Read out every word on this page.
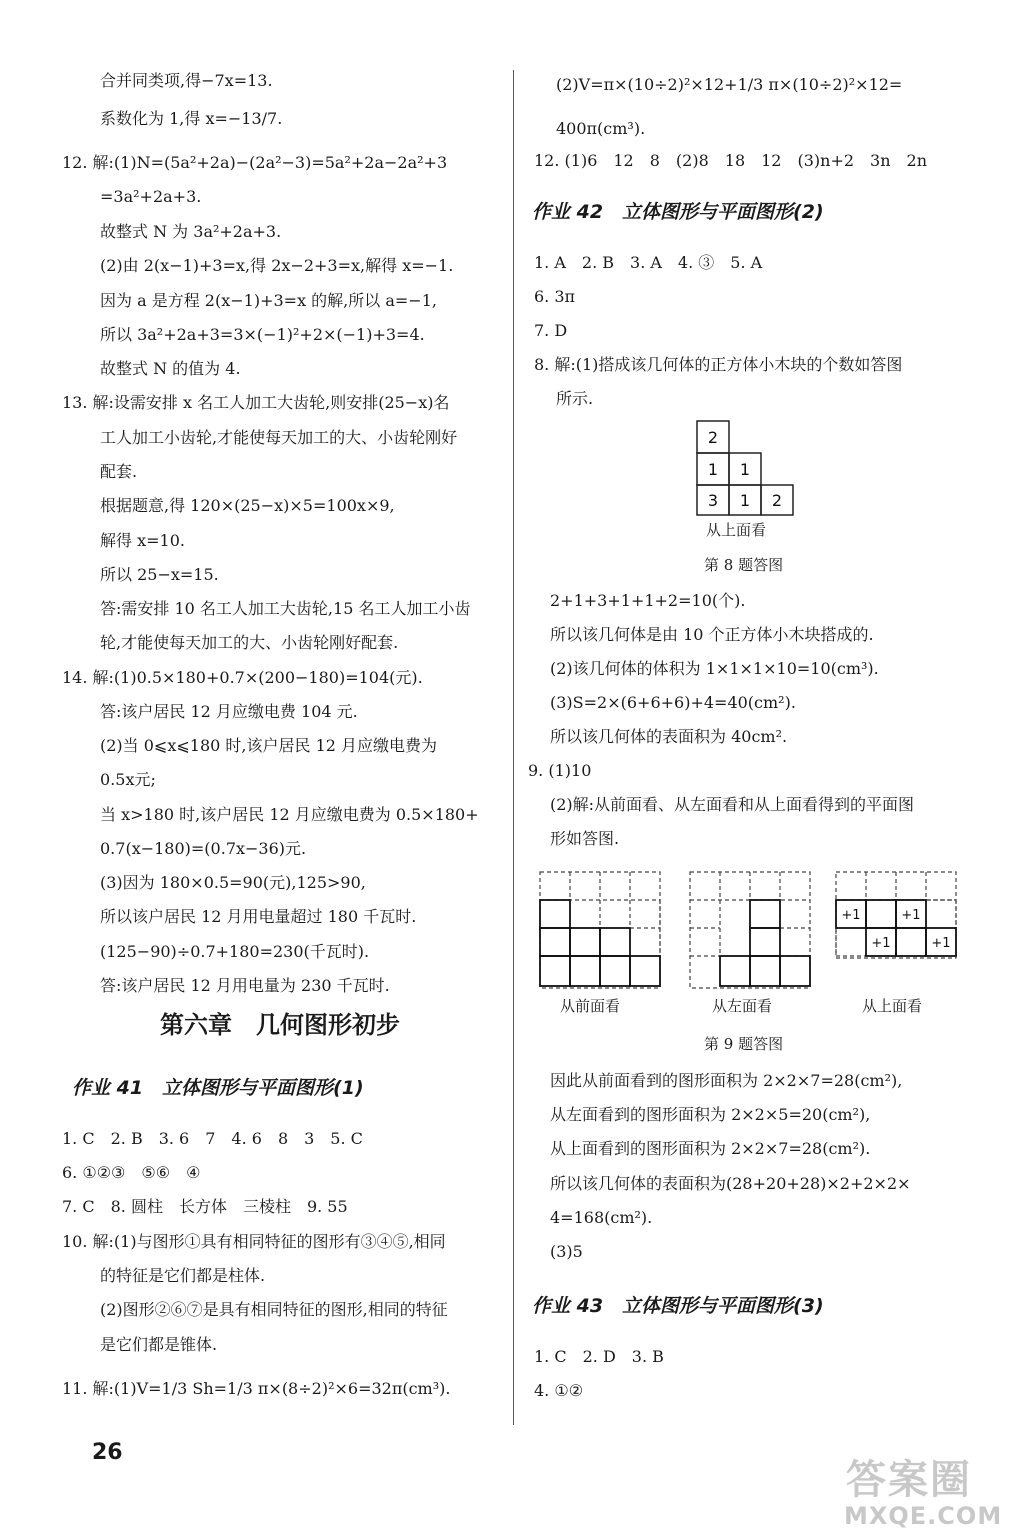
合并同类项,得−7x=13.
系数化为 1,得 x=−13/7.
12. 解:(1)N=(5a²+2a)−(2a²−3)=5a²+2a−2a²+3
=3a²+2a+3.
故整式 N 为 3a²+2a+3.
(2)由 2(x−1)+3=x,得 2x−2+3=x,解得 x=−1.
因为 a 是方程 2(x−1)+3=x 的解,所以 a=−1,
所以 3a²+2a+3=3×(−1)²+2×(−1)+3=4.
故整式 N 的值为 4.
13. 解:设需安排 x 名工人加工大齿轮,则安排(25−x)名
工人加工小齿轮,才能使每天加工的大、小齿轮刚好
配套.
根据题意,得 120×(25−x)×5=100x×9,
解得 x=10.
所以 25−x=15.
答:需安排 10 名工人加工大齿轮,15 名工人加工小齿
轮,才能使每天加工的大、小齿轮刚好配套.
14. 解:(1)0.5×180+0.7×(200−180)=104(元).
答:该户居民 12 月应缴电费 104 元.
(2)当 0⩽x⩽180 时,该户居民 12 月应缴电费为
0.5x元;
当 x>180 时,该户居民 12 月应缴电费为 0.5×180+
0.7(x−180)=(0.7x−36)元.
(3)因为 180×0.5=90(元),125>90,
所以该户居民 12 月用电量超过 180 千瓦时.
(125−90)÷0.7+180=230(千瓦时).
答:该户居民 12 月用电量为 230 千瓦时.
第六章　几何图形初步
作业 41　立体图形与平面图形(1)
1. C　2. B　3. 6　7　4. 6　8　3　5. C
6. ①②③　⑤⑥　④
7. C　8. 圆柱　长方体　三棱柱　9. 55
10. 解:(1)与图形①具有相同特征的图形有③④⑤,相同
的特征是它们都是柱体.
(2)图形②⑥⑦是具有相同特征的图形,相同的特征
是它们都是锥体.
11. 解:(1)V=1/3 Sh=1/3 π×(8÷2)²×6=32π(cm³).
(2)V=π×(10÷2)²×12+1/3 π×(10÷2)²×12=
400π(cm³).
12. (1)6　12　8　(2)8　18　12　(3)n+2　3n　2n
作业 42　立体图形与平面图形(2)
1. A　2. B　3. A　4. ③　5. A
6. 3π
7. D
8. 解:(1)搭成该几何体的正方体小木块的个数如答图
所示.
2
1 1
3 1 2
从上面看
第 8 题答图
2+1+3+1+1+2=10(个).
所以该几何体是由 10 个正方体小木块搭成的.
(2)该几何体的体积为 1×1×1×10=10(cm³).
(3)S=2×(6+6+6)+4=40(cm²).
所以该几何体的表面积为 40cm².
9. (1)10
(2)解:从前面看、从左面看和从上面看得到的平面图
形如答图.
+1	+1
+1	+1
从前面看	从左面看	从上面看
第 9 题答图
因此从前面看到的图形面积为 2×2×7=28(cm²),
从左面看到的图形面积为 2×2×5=20(cm²),
从上面看到的图形面积为 2×2×7=28(cm²).
所以该几何体的表面积为(28+20+28)×2+2×2×
4=168(cm²).
(3)5
作业 43　立体图形与平面图形(3)
1. C　2. D　3. B
4. ①②
26
答案圈
MXQE.COM
